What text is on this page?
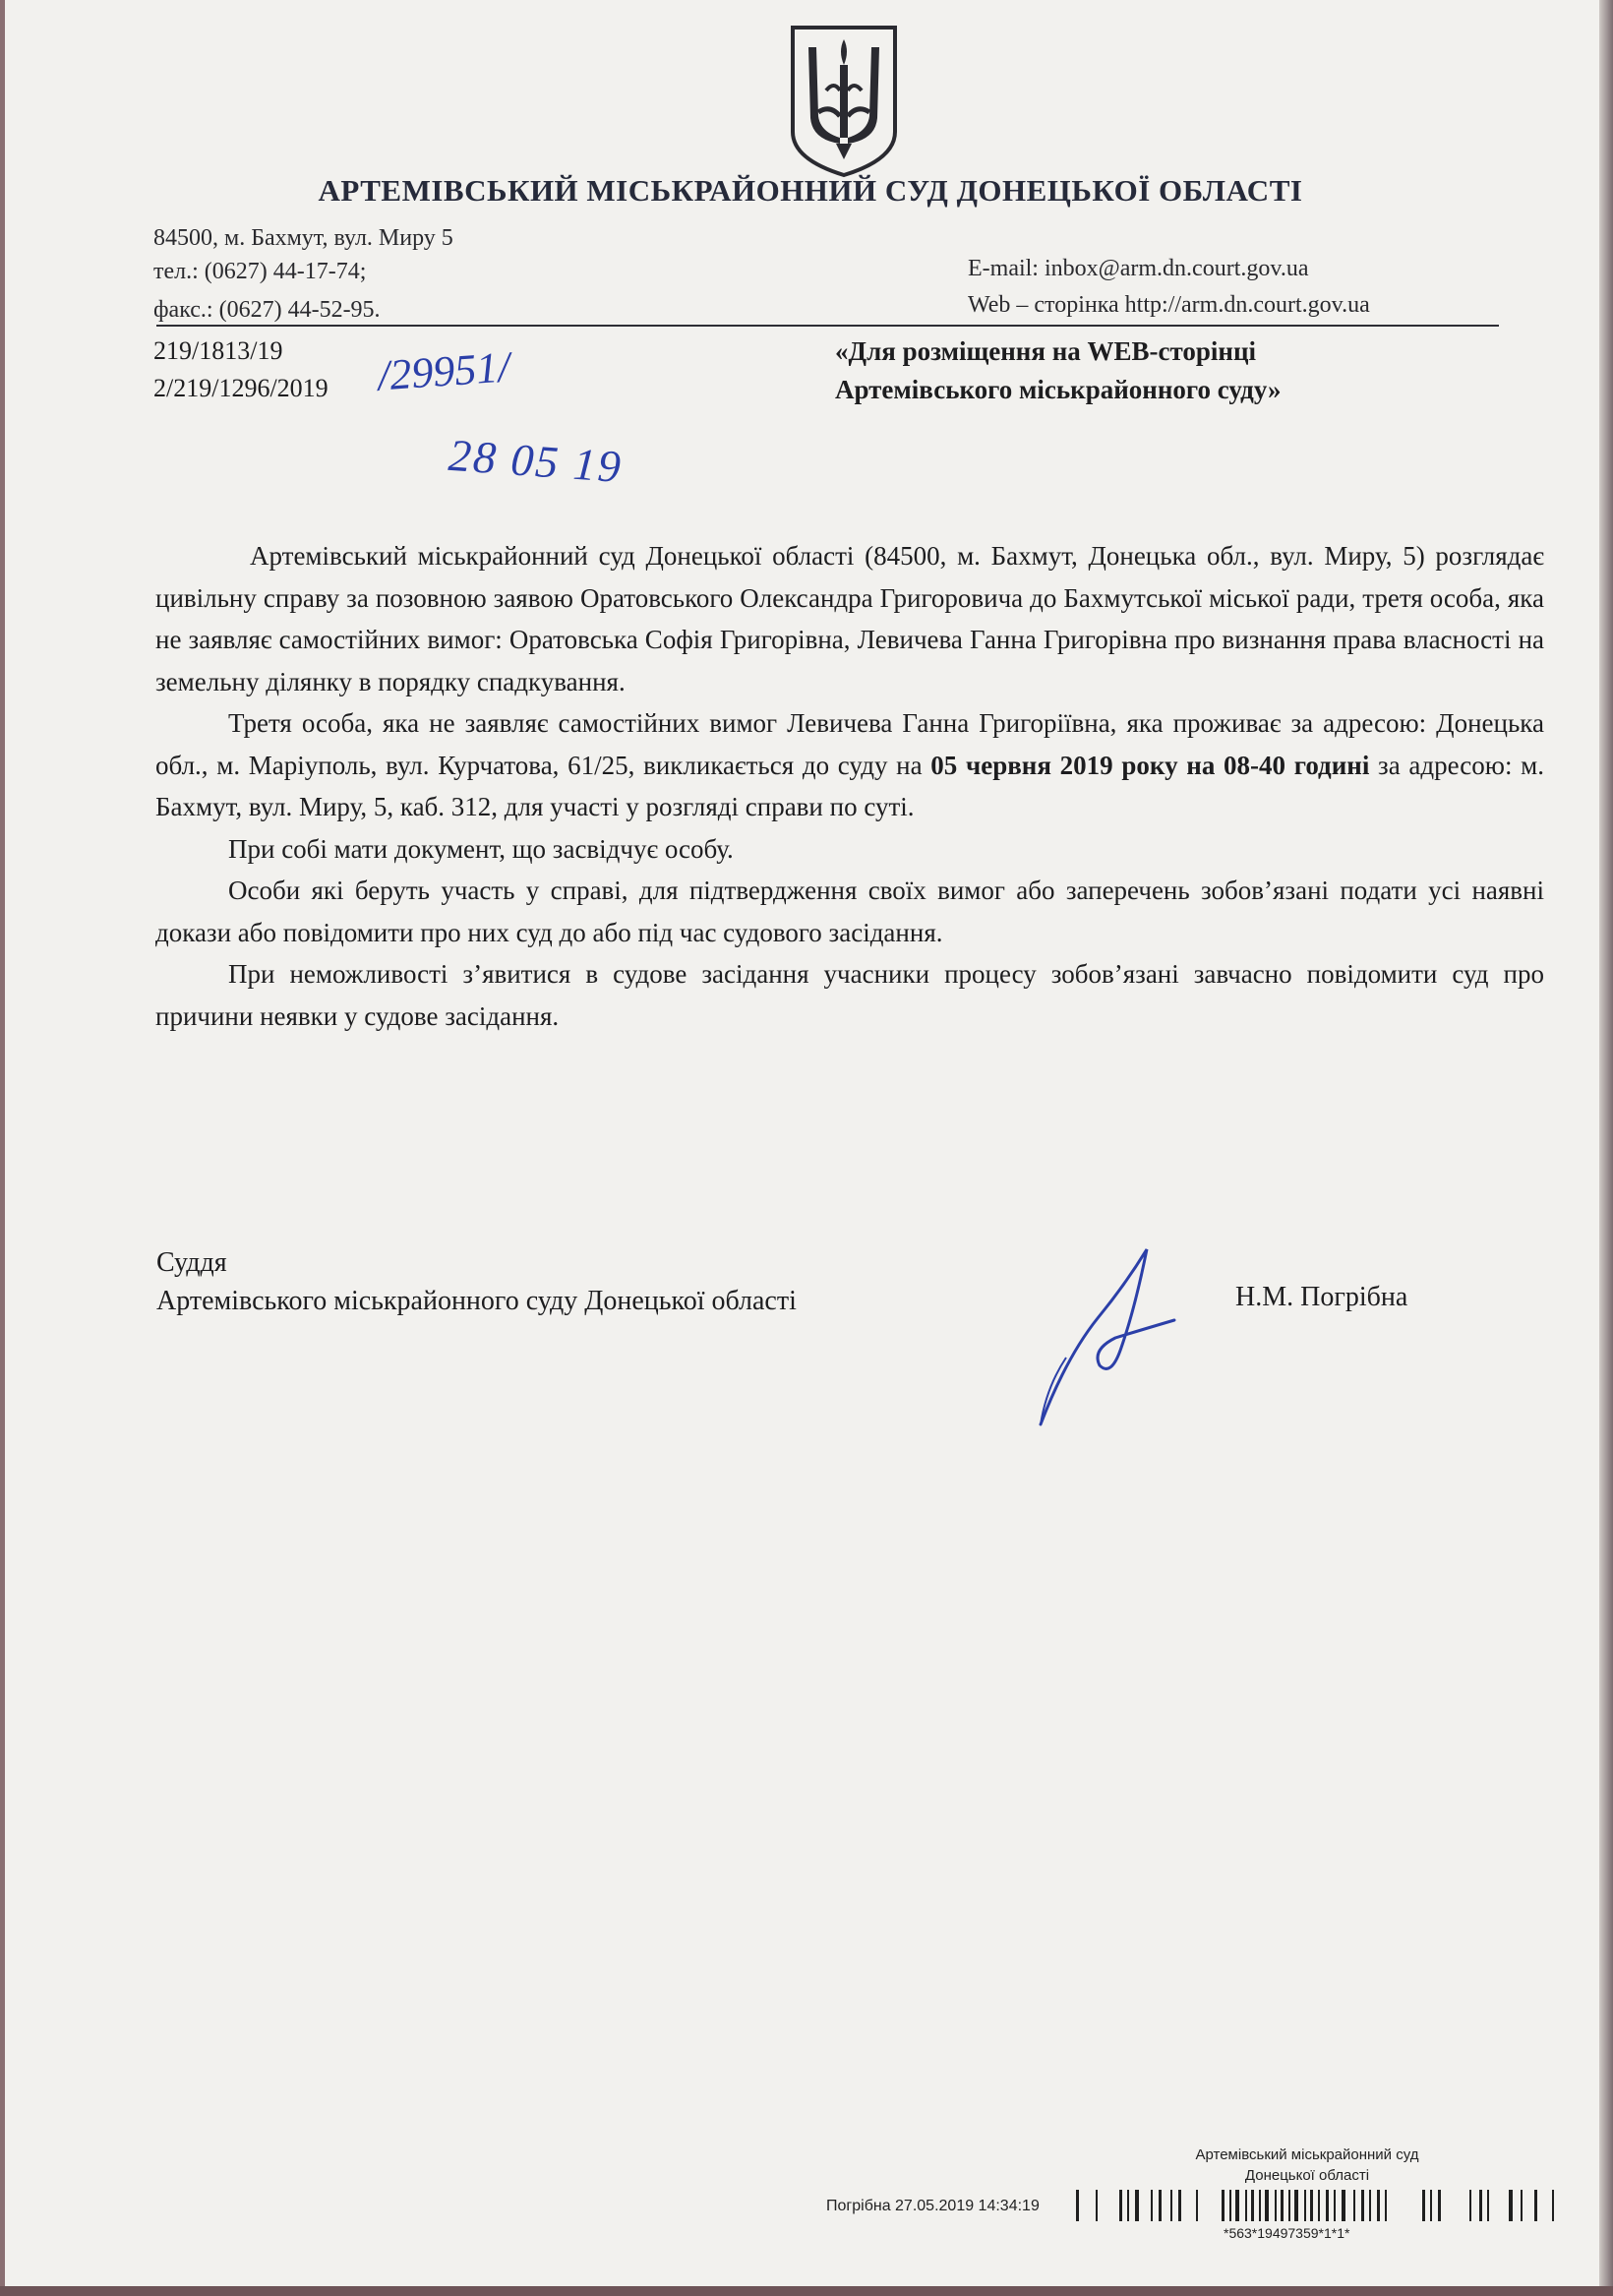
АРТЕМІВСЬКИЙ МІСЬКРАЙОННИЙ СУД ДОНЕЦЬКОЇ ОБЛАСТІ
84500, м. Бахмут, вул. Миру 5
тел.: (0627) 44-17-74;
факс.: (0627) 44-52-95.
E-mail: inbox@arm.dn.court.gov.ua
Web – сторінка http://arm.dn.court.gov.ua
219/1813/19
2/219/1296/2019 /29951/
28 05 19
«Для розміщення на WEB-сторінці
Артемівського міськрайонного суду»

Артемівський міськрайонний суд Донецької області (84500, м. Бахмут, Донецька обл., вул. Миру, 5) розглядає цивільну справу за позовною заявою Оратовського Олександра Григоровича до Бахмутської міської ради, третя особа, яка не заявляє самостійних вимог: Оратовська Софія Григорівна, Левичева Ганна Григорівна про визнання права власності на земельну ділянку в порядку спадкування.

Третя особа, яка не заявляє самостійних вимог Левичева Ганна Григоріївна, яка проживає за адресою: Донецька обл., м. Маріуполь, вул. Курчатова, 61/25, викликається до суду на 05 червня 2019 року на 08-40 годині за адресою: м. Бахмут, вул. Миру, 5, каб. 312, для участі у розгляді справи по суті.

При собі мати документ, що засвідчує особу.

Особи які беруть участь у справі, для підтвердження своїх вимог або заперечень зобов’язані подати усі наявні докази або повідомити про них суд до або під час судового засідання.

При неможливості з’явитися в судове засідання учасники процесу зобов’язані завчасно повідомити суд про причини неявки у судове засідання.

Суддя
Артемівського міськрайонного суду Донецької області	Н.М. Погрібна
Артемівський міськрайонний суд
Донецької області
Погрібна 27.05.2019 14:34:19
*563*19497359*1*1*
